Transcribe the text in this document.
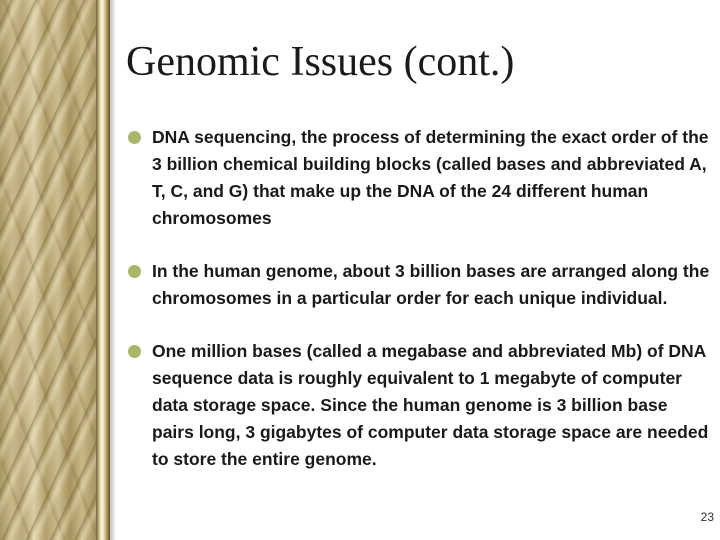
Genomic Issues (cont.)
DNA sequencing, the process of determining the exact order of the 3 billion chemical building blocks (called bases and abbreviated A, T, C, and G) that make up the DNA of the 24 different human chromosomes
In the human genome, about 3 billion bases are arranged along the chromosomes in a particular order for each unique individual.
One million bases (called a megabase and abbreviated Mb) of DNA sequence data is roughly equivalent to 1 megabyte of computer data storage space. Since the human genome is 3 billion base pairs long, 3 gigabytes of computer data storage space are needed to store the entire genome.
23
